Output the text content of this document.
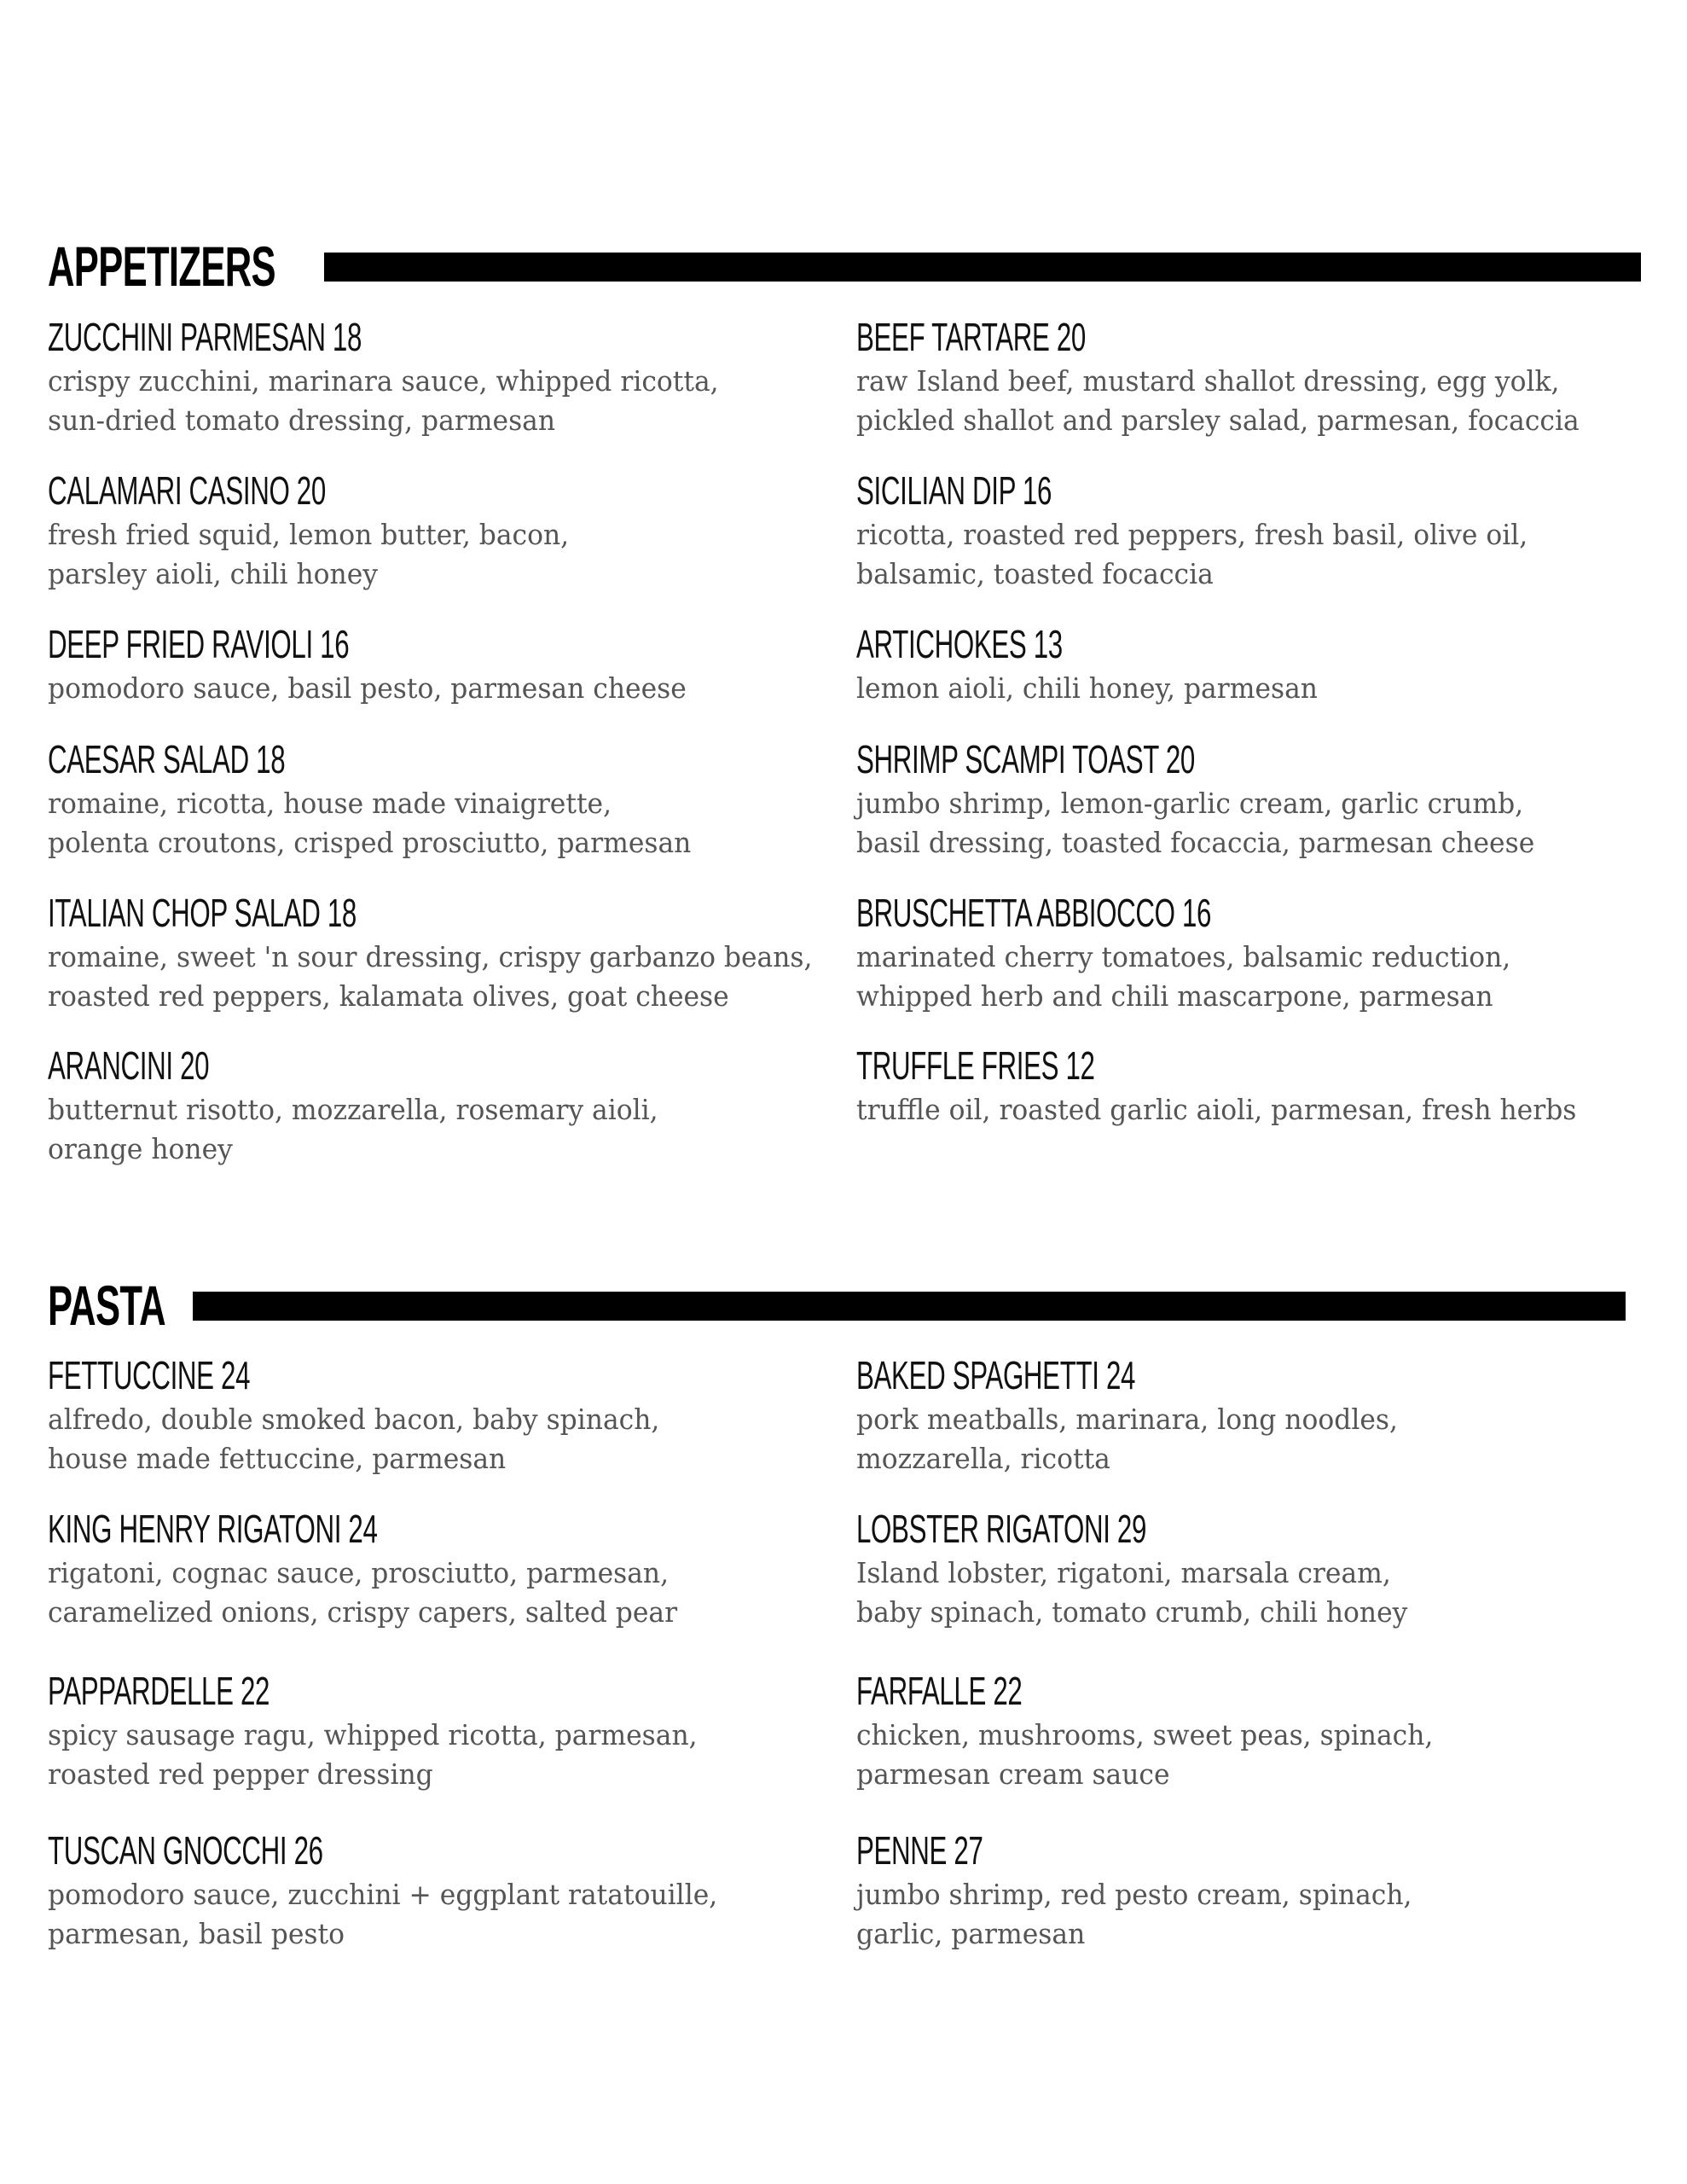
APPETIZERS
ZUCCHINI PARMESAN 18
crispy zucchini, marinara sauce, whipped ricotta,
sun-dried tomato dressing, parmesan
CALAMARI CASINO 20
fresh fried squid, lemon butter, bacon,
parsley aioli, chili honey
DEEP FRIED RAVIOLI 16
pomodoro sauce, basil pesto, parmesan cheese
CAESAR SALAD 18
romaine, ricotta, house made vinaigrette,
polenta croutons, crisped prosciutto, parmesan
ITALIAN CHOP SALAD 18
romaine, sweet 'n sour dressing, crispy garbanzo beans,
roasted red peppers, kalamata olives, goat cheese
ARANCINI 20
butternut risotto, mozzarella, rosemary aioli,
orange honey
BEEF TARTARE 20
raw Island beef, mustard shallot dressing, egg yolk,
pickled shallot and parsley salad, parmesan, focaccia
SICILIAN DIP 16
ricotta, roasted red peppers, fresh basil, olive oil,
balsamic, toasted focaccia
ARTICHOKES 13
lemon aioli, chili honey, parmesan
SHRIMP SCAMPI TOAST 20
jumbo shrimp, lemon-garlic cream, garlic crumb,
basil dressing, toasted focaccia, parmesan cheese
BRUSCHETTA ABBIOCCO 16
marinated cherry tomatoes, balsamic reduction,
whipped herb and chili mascarpone, parmesan
TRUFFLE FRIES 12
truffle oil, roasted garlic aioli, parmesan, fresh herbs
PASTA
FETTUCCINE 24
alfredo, double smoked bacon, baby spinach,
house made fettuccine, parmesan
KING HENRY RIGATONI 24
rigatoni, cognac sauce, prosciutto, parmesan,
caramelized onions, crispy capers, salted pear
PAPPARDELLE 22
spicy sausage ragu, whipped ricotta, parmesan,
roasted red pepper dressing
TUSCAN GNOCCHI 26
pomodoro sauce, zucchini + eggplant ratatouille,
parmesan, basil pesto
BAKED SPAGHETTI 24
pork meatballs, marinara, long noodles,
mozzarella, ricotta
LOBSTER RIGATONI 29
Island lobster, rigatoni, marsala cream,
baby spinach, tomato crumb, chili honey
FARFALLE 22
chicken, mushrooms, sweet peas, spinach,
parmesan cream sauce
PENNE 27
jumbo shrimp, red pesto cream, spinach,
garlic, parmesan
